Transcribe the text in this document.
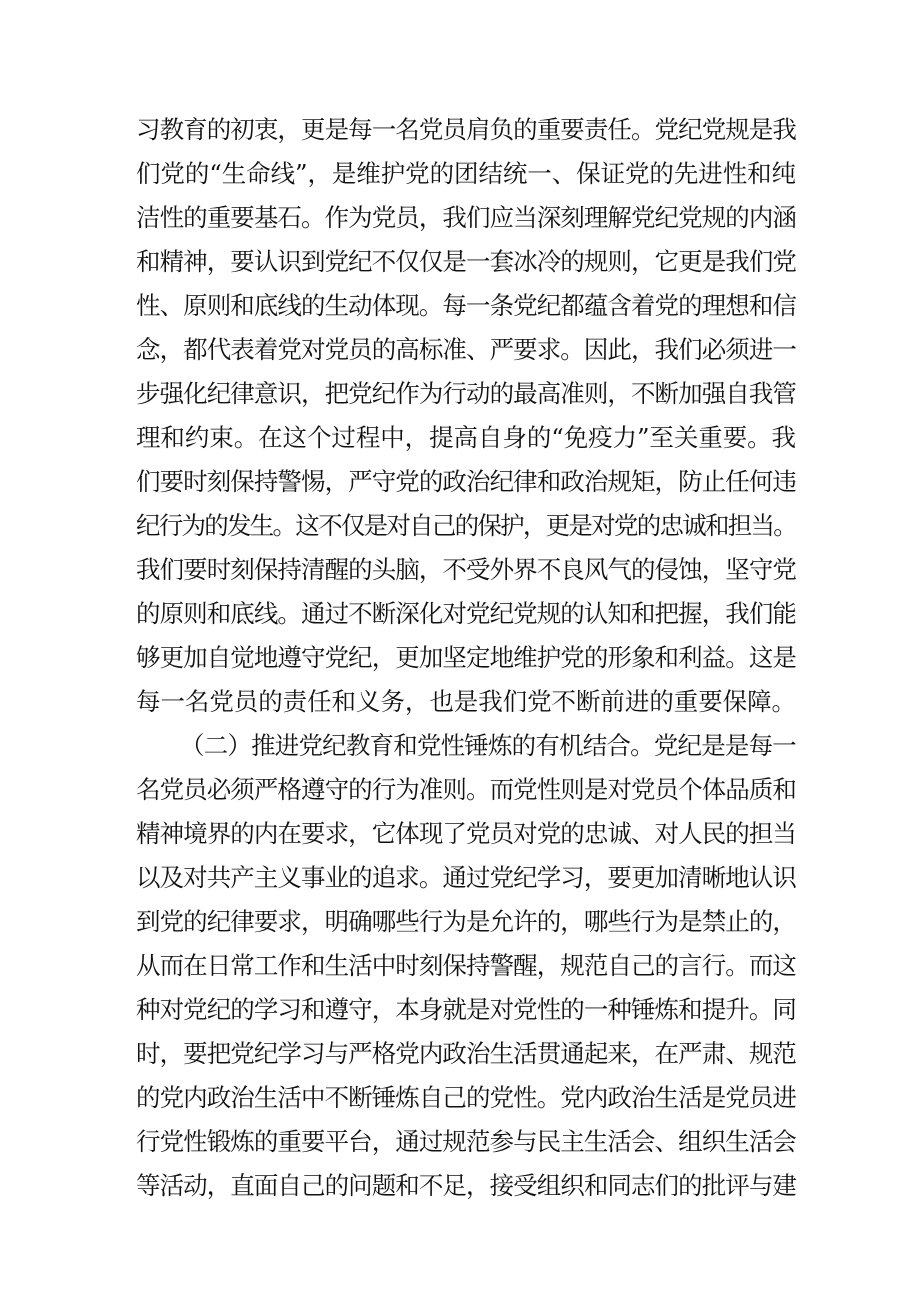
习教育的初衷，更是每一名党员肩负的重要责任。党纪党规是我
们党的“生命线”，是维护党的团结统一、保证党的先进性和纯
洁性的重要基石。作为党员，我们应当深刻理解党纪党规的内涵
和精神，要认识到党纪不仅仅是一套冰冷的规则，它更是我们党
性、原则和底线的生动体现。每一条党纪都蕴含着党的理想和信
念，都代表着党对党员的高标准、严要求。因此，我们必须进一
步强化纪律意识，把党纪作为行动的最高准则，不断加强自我管
理和约束。在这个过程中，提高自身的“免疫力”至关重要。我
们要时刻保持警惕，严守党的政治纪律和政治规矩，防止任何违
纪行为的发生。这不仅是对自己的保护，更是对党的忠诚和担当。
我们要时刻保持清醒的头脑，不受外界不良风气的侵蚀，坚守党
的原则和底线。通过不断深化对党纪党规的认知和把握，我们能
够更加自觉地遵守党纪，更加坚定地维护党的形象和利益。这是
每一名党员的责任和义务，也是我们党不断前进的重要保障。
（二）推进党纪教育和党性锤炼的有机结合。党纪是是每一
名党员必须严格遵守的行为准则。而党性则是对党员个体品质和
精神境界的内在要求，它体现了党员对党的忠诚、对人民的担当
以及对共产主义事业的追求。通过党纪学习，要更加清晰地认识
到党的纪律要求，明确哪些行为是允许的，哪些行为是禁止的，
从而在日常工作和生活中时刻保持警醒，规范自己的言行。而这
种对党纪的学习和遵守，本身就是对党性的一种锤炼和提升。同
时，要把党纪学习与严格党内政治生活贯通起来，在严肃、规范
的党内政治生活中不断锤炼自己的党性。党内政治生活是党员进
行党性锻炼的重要平台，通过规范参与民主生活会、组织生活会
等活动，直面自己的问题和不足，接受组织和同志们的批评与建
